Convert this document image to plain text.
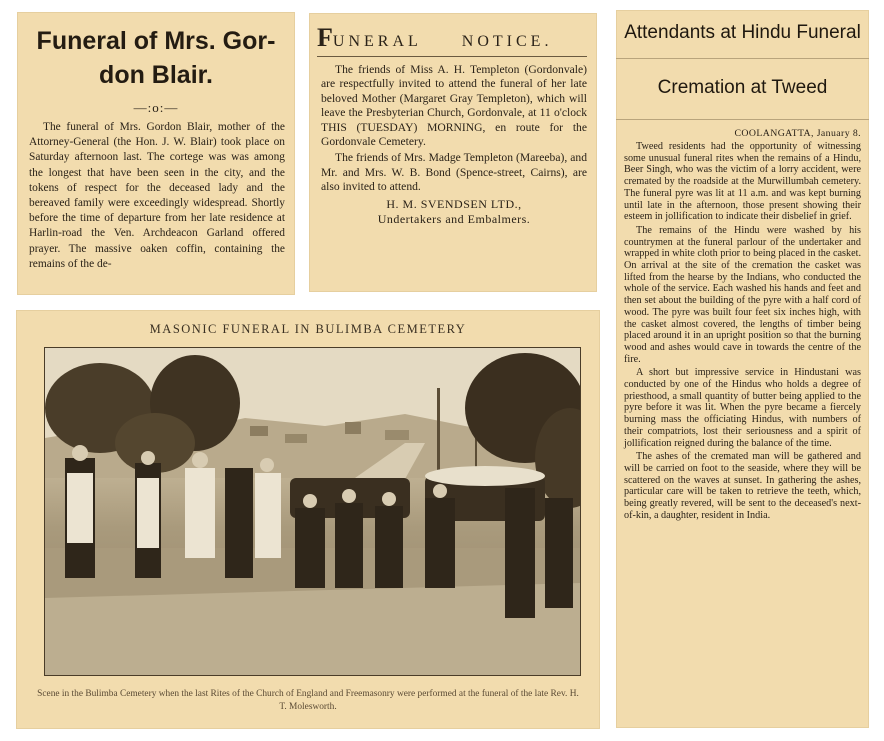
Funeral of Mrs. Gor- don Blair.
—:o:—

The funeral of Mrs. Gordon Blair, mother of the Attorney-General (the Hon. J. W. Blair) took place on Saturday afternoon last. The cortege was was among the longest that have been seen in the city, and the tokens of respect for the deceased lady and the bereaved family were exceedingly widespread. Shortly before the time of departure from her late residence at Harlin-road the Ven. Archdeacon Garland offered prayer. The massive oaken coffin, containing the remains of the de-

FUNERAL	NOTICE.

The friends of Miss A. H. Templeton (Gordonvale) are respectfully invited to attend the funeral of her late beloved Mother (Margaret Gray Templeton), which will leave the Presbyterian Church, Gordonvale, at 11 o'clock THIS (TUESDAY) MORNING, en route for the Gordonvale Cemetery.

The friends of Mrs. Madge Templeton (Mareeba), and Mr. and Mrs. W. B. Bond (Spence-street, Cairns), are also invited to attend.

H. M. SVENDSEN LTD.,
Undertakers and Embalmers.
MASONIC FUNERAL IN BULIMBA CEMETERY
Scene in the Bulimba Cemetery when the last Rites of the Church of England and Freemasonry were performed at the funeral of the late Rev. H. T. Molesworth.
Attendants at Hindu Funeral
Cremation at Tweed
COOLANGATTA, January 8.

Tweed residents had the opportunity of witnessing some unusual funeral rites when the remains of a Hindu, Beer Singh, who was the victim of a lorry accident, were cremated by the roadside at the Murwillumbah cemetery. The funeral pyre was lit at 11 a.m. and was kept burning until late in the afternoon, those present showing their esteem in jollification to indicate their disbelief in grief.

The remains of the Hindu were washed by his countrymen at the funeral parlour of the undertaker and wrapped in white cloth prior to being placed in the casket. On arrival at the site of the cremation the casket was lifted from the hearse by the Indians, who conducted the whole of the service. Each washed his hands and feet and then set about the building of the pyre with a half cord of wood. The pyre was built four feet six inches high, with the casket almost covered, the lengths of timber being placed around it in an upright position so that the burning wood and ashes would cave in towards the centre of the fire.

A short but impressive service in Hindustani was conducted by one of the Hindus who holds a degree of priesthood, a small quantity of butter being applied to the pyre before it was lit. When the pyre became a fiercely burning mass the officiating Hindus, with numbers of their compatriots, lost their seriousness and a spirit of jollification reigned during the balance of the time.

The ashes of the cremated man will be gathered and will be carried on foot to the seaside, where they will be scattered on the waves at sunset. In gathering the ashes, particular care will be taken to retrieve the teeth, which, being greatly revered, will be sent to the deceased's next-of-kin, a daughter, resident in India.
